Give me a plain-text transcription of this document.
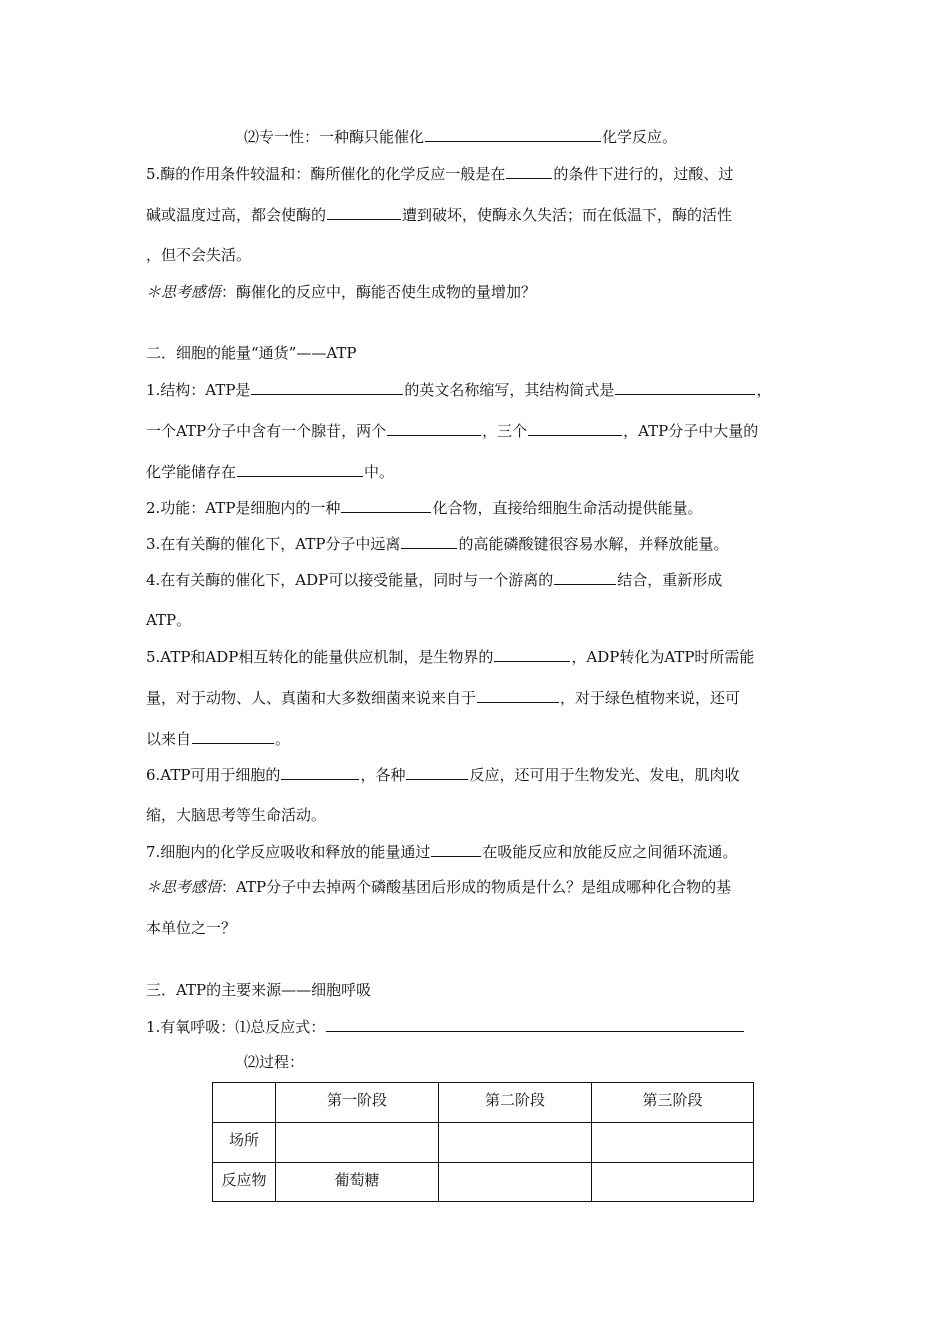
⑵专一性：一种酶只能催化	化学反应。
5.酶的作用条件较温和：酶所催化的化学反应一般是在	的条件下进行的，过酸、过
碱或温度过高，都会使酶的	遭到破坏，使酶永久失活；而在低温下，酶的活性
，但不会失活。
＊思考感悟：酶催化的反应中，酶能否使生成物的量增加？
二．细胞的能量“通货”——ATP
1.结构：ATP是	的英文名称缩写，其结构简式是	，
一个ATP分子中含有一个腺苷，两个	，三个	，ATP分子中大量的
化学能储存在	中。
2.功能：ATP是细胞内的一种	化合物，直接给细胞生命活动提供能量。
3.在有关酶的催化下，ATP分子中远离	的高能磷酸键很容易水解，并释放能量。
4.在有关酶的催化下，ADP可以接受能量，同时与一个游离的	结合，重新形成
ATP。
5.ATP和ADP相互转化的能量供应机制，是生物界的	，ADP转化为ATP时所需能
量，对于动物、人、真菌和大多数细菌来说来自于	，对于绿色植物来说，还可
以来自	。
6.ATP可用于细胞的	，各种	反应，还可用于生物发光、发电，肌肉收
缩，大脑思考等生命活动。
7.细胞内的化学反应吸收和释放的能量通过	在吸能反应和放能反应之间循环流通。
＊思考感悟：ATP分子中去掉两个磷酸基团后形成的物质是什么？是组成哪种化合物的基
本单位之一？
三．ATP的主要来源——细胞呼吸
1.有氧呼吸：⑴总反应式：
⑵过程：
	第一阶段	第二阶段	第三阶段
场所			
反应物	葡萄糖		
